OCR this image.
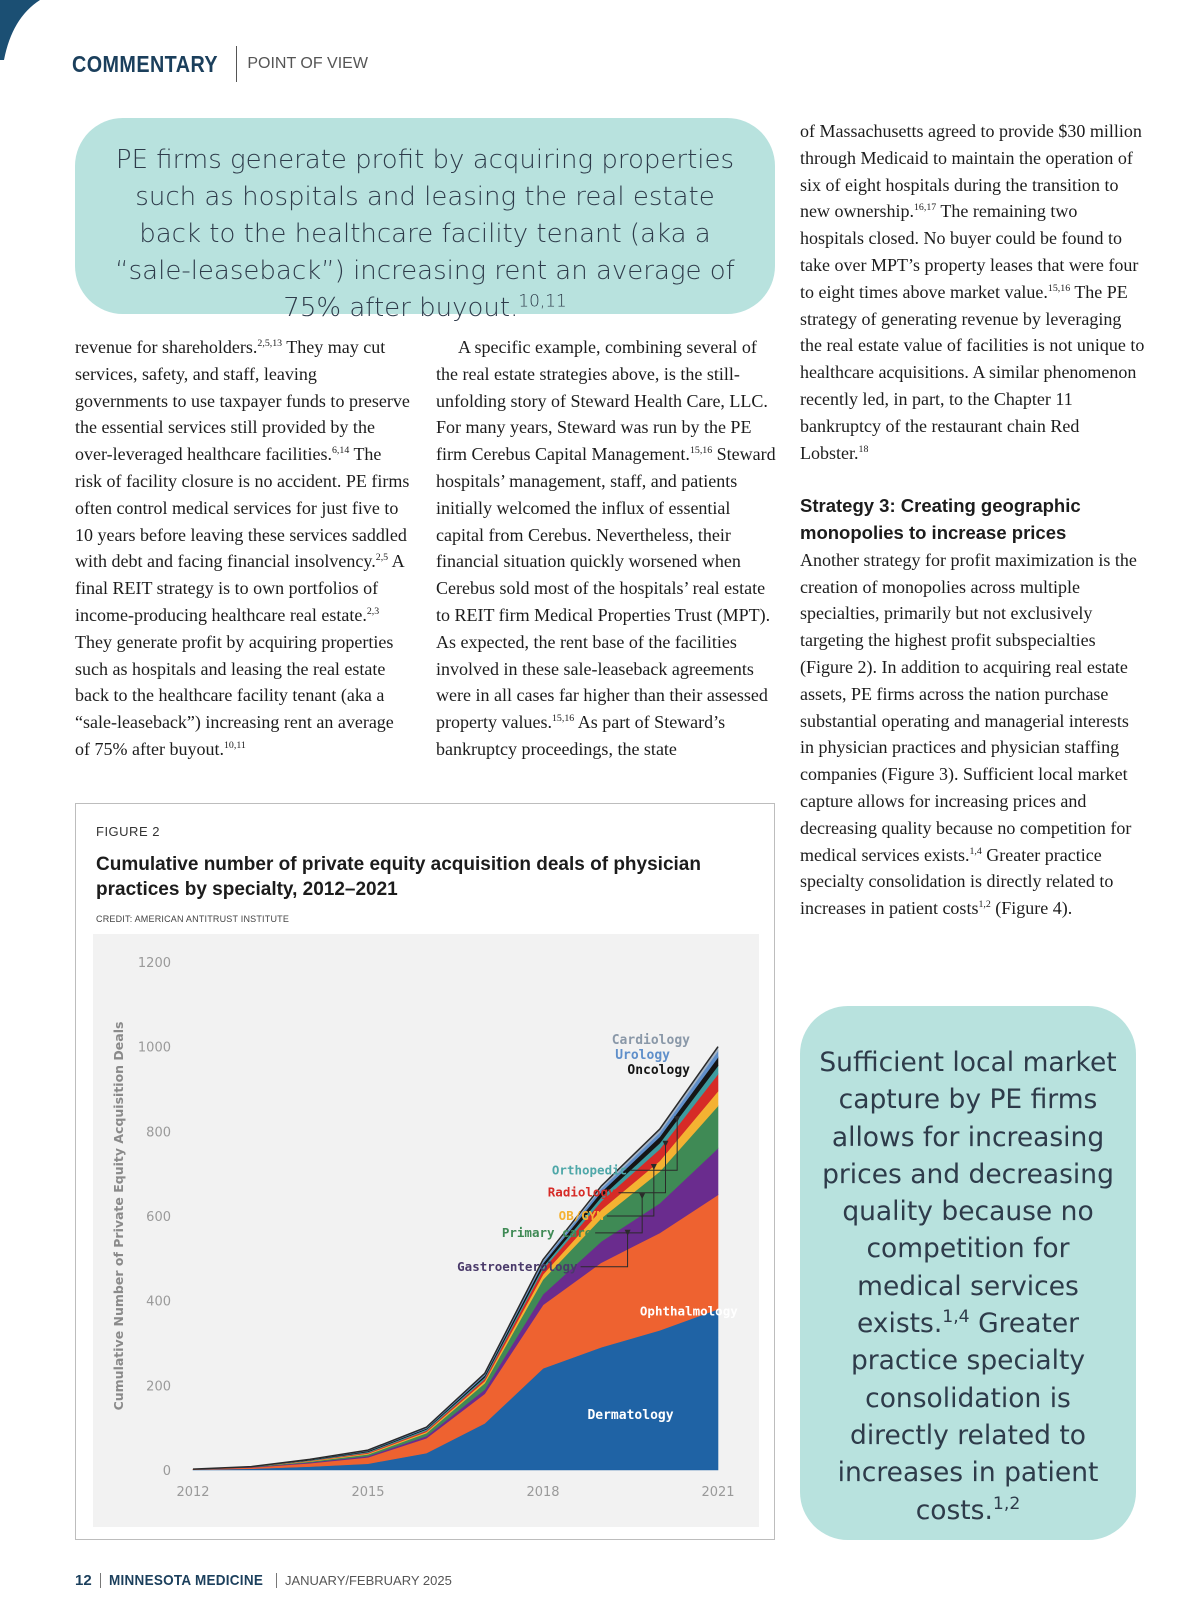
COMMENTARY POINT OF VIEW
PE firms generate profit by acquiring properties such as hospitals and leasing the real estate back to the healthcare facility tenant (aka a “sale-leaseback”) increasing rent an average of 75% after buyout.$^{10,11}$

revenue for shareholders.$^{2,5,13}$ They may cut services, safety, and staff, leaving governments to use taxpayer funds to preserve the essential services still provided by the over-leveraged healthcare facilities.$^{6,14}$ The risk of facility closure is no accident. PE firms often control medical services for just five to 10 years before leaving these services saddled with debt and facing financial insolvency.$^{2,5}$ A final REIT strategy is to own portfolios of income-producing healthcare real estate.$^{2,3}$ They generate profit by acquiring properties such as hospitals and leasing the real estate back to the healthcare facility tenant (aka a “sale-leaseback”) increasing rent an average of 75% after buyout.$^{10,11}$

A specific example, combining several of the real estate strategies above, is the still-unfolding story of Steward Health Care, LLC. For many years, Steward was run by the PE firm Cerebus Capital Management.$^{15,16}$ Steward hospitals’ management, staff, and patients initially welcomed the influx of essential capital from Cerebus. Nevertheless, their financial situation quickly worsened when Cerebus sold most of the hospitals’ real estate to REIT firm Medical Properties Trust (MPT). As expected, the rent base of the facilities involved in these sale-leaseback agreements were in all cases far higher than their assessed property values.$^{15,16}$ As part of Steward’s bankruptcy proceedings, the state

of Massachusetts agreed to provide $30 million through Medicaid to maintain the operation of six of eight hospitals during the transition to new ownership.$^{16,17}$ The remaining two hospitals closed. No buyer could be found to take over MPT’s property leases that were four to eight times above market value.$^{15,16}$ The PE strategy of generating revenue by leveraging the real estate value of facilities is not unique to healthcare acquisitions. A similar phenomenon recently led, in part, to the Chapter 11 bankruptcy of the restaurant chain Red Lobster.$^{18}$

Strategy 3: Creating geographic monopolies to increase prices

Another strategy for profit maximization is the creation of monopolies across multiple specialties, primarily but not exclusively targeting the highest profit subspecialties (Figure 2). In addition to acquiring real estate assets, PE firms across the nation purchase substantial operating and managerial interests in physician practices and physician staffing companies (Figure 3). Sufficient local market capture allows for increasing prices and decreasing quality because no competition for medical services exists.$^{1,4}$ Greater practice specialty consolidation is directly related to increases in patient costs$^{1,2}$ (Figure 4).

Sufficient local market capture by PE firms allows for increasing prices and decreasing quality because no competition for medical services exists.$^{1,4}$ Greater practice specialty consolidation is directly related to increases in patient costs.$^{1,2}$
FIGURE 2
Cumulative number of private equity acquisition deals of physician practices by specialty, 2012–2021
CREDIT: AMERICAN ANTITRUST INSTITUTE
0
200
400
600
800
1000
1200
2012	2015	2018	2021
Cumulative Number of Private Equity Acquisition Deals
Dermatology
Ophthalmology
Gastroenterology
Primary care
OB/GYN
Radiology
Orthopedic
Cardiology
Urology
Oncology
12 MINNESOTA MEDICINE JANUARY/FEBRUARY 2025
